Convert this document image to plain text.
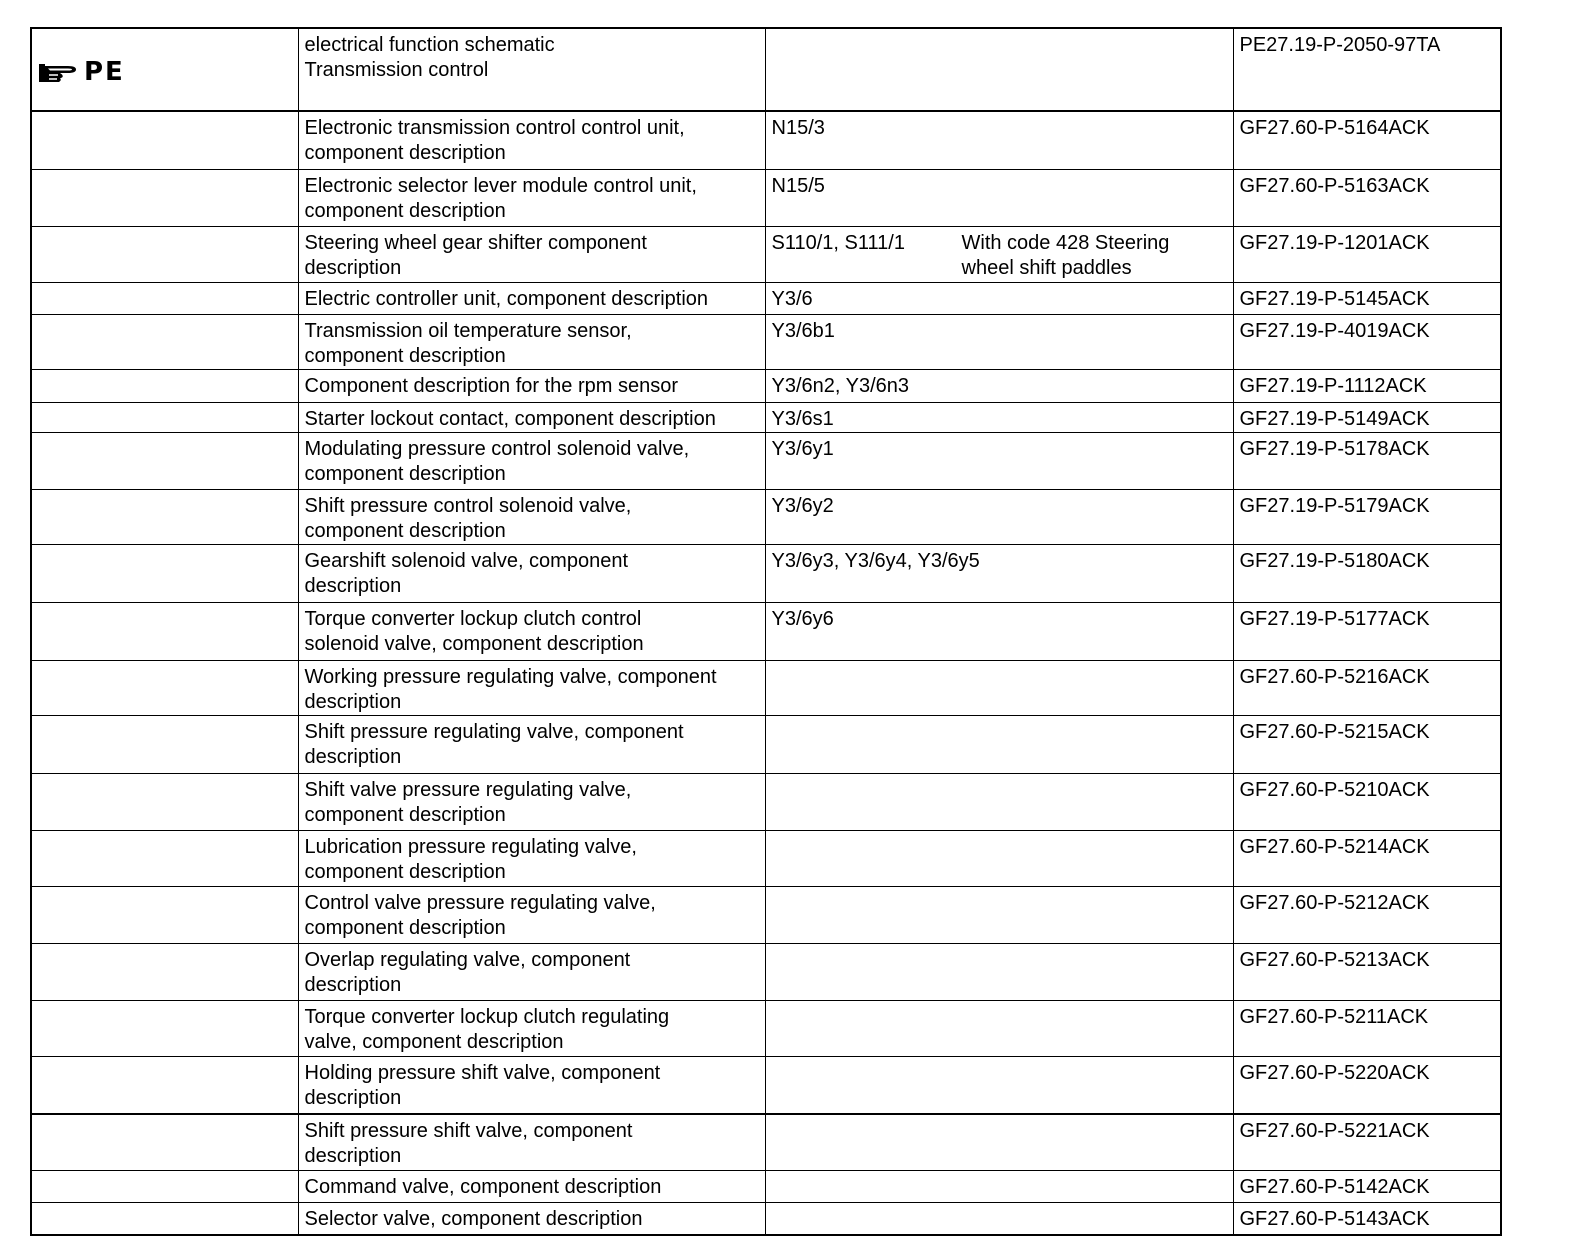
PE	electrical function schematic
Transmission control		PE27.19-P-2050-97TA
	Electronic transmission control control unit,
component description	N15/3	GF27.60-P-5164ACK
	Electronic selector lever module control unit,
component description	N15/5	GF27.60-P-5163ACK
	Steering wheel gear shifter component
description	S110/1, S111/1 With code 428 Steering
wheel shift paddles	GF27.19-P-1201ACK
	Electric controller unit, component description	Y3/6	GF27.19-P-5145ACK
	Transmission oil temperature sensor,
component description	Y3/6b1	GF27.19-P-4019ACK
	Component description for the rpm sensor	Y3/6n2, Y3/6n3	GF27.19-P-1112ACK
	Starter lockout contact, component description	Y3/6s1	GF27.19-P-5149ACK
	Modulating pressure control solenoid valve,
component description	Y3/6y1	GF27.19-P-5178ACK
	Shift pressure control solenoid valve,
component description	Y3/6y2	GF27.19-P-5179ACK
	Gearshift solenoid valve, component
description	Y3/6y3, Y3/6y4, Y3/6y5	GF27.19-P-5180ACK
	Torque converter lockup clutch control
solenoid valve, component description	Y3/6y6	GF27.19-P-5177ACK
	Working pressure regulating valve, component
description		GF27.60-P-5216ACK
	Shift pressure regulating valve, component
description		GF27.60-P-5215ACK
	Shift valve pressure regulating valve,
component description		GF27.60-P-5210ACK
	Lubrication pressure regulating valve,
component description		GF27.60-P-5214ACK
	Control valve pressure regulating valve,
component description		GF27.60-P-5212ACK
	Overlap regulating valve, component
description		GF27.60-P-5213ACK
	Torque converter lockup clutch regulating
valve, component description		GF27.60-P-5211ACK
	Holding pressure shift valve, component
description		GF27.60-P-5220ACK
	Shift pressure shift valve, component
description		GF27.60-P-5221ACK
	Command valve, component description		GF27.60-P-5142ACK
	Selector valve, component description		GF27.60-P-5143ACK
